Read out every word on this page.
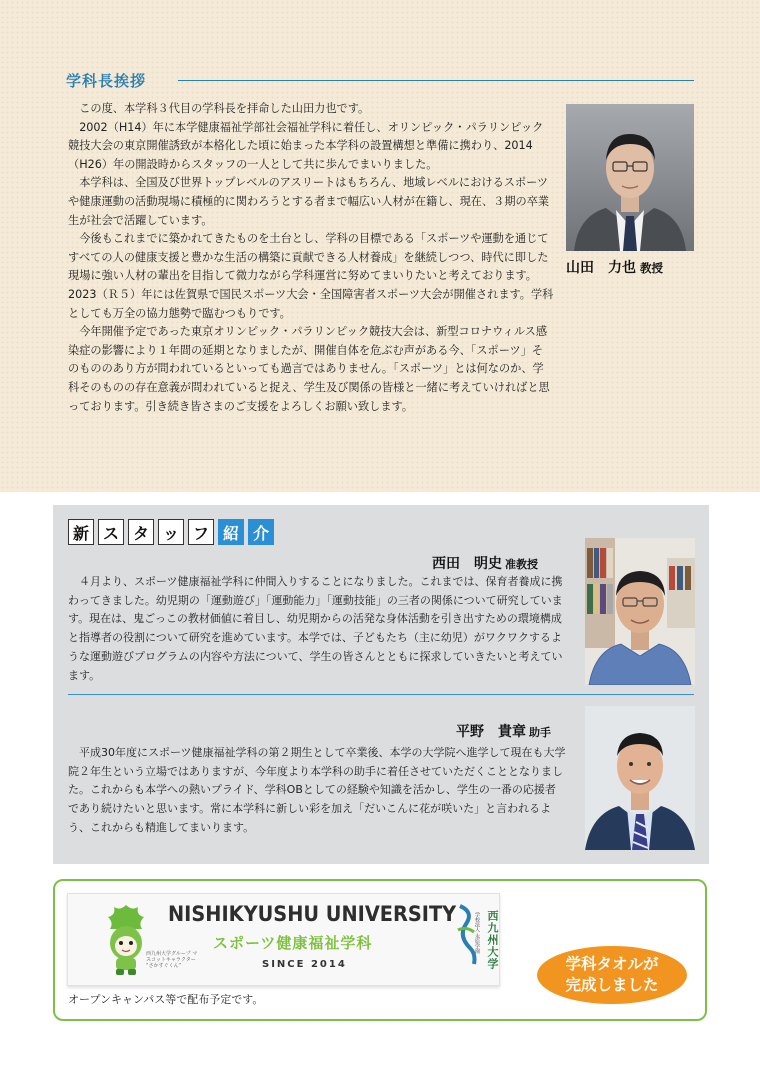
学科長挨拶

この度、本学科３代目の学科長を拝命した山田力也です。

2002（H14）年に本学健康福祉学部社会福祉学科に着任し、オリンピック・パラリンピック競技大会の東京開催誘致が本格化した頃に始まった本学科の設置構想と準備に携わり、2014（H26）年の開設時からスタッフの一人として共に歩んでまいりました。

本学科は、全国及び世界トップレベルのアスリートはもちろん、地域レベルにおけるスポーツや健康運動の活動現場に積極的に関わろうとする者まで幅広い人材が在籍し、現在、３期の卒業生が社会で活躍しています。

今後もこれまでに築かれてきたものを土台とし、学科の目標である「スポーツや運動を通じてすべての人の健康支援と豊かな生活の構築に貢献できる人材養成」を継続しつつ、時代に即した現場に強い人材の輩出を目指して微力ながら学科運営に努めてまいりたいと考えております。2023（Ｒ５）年には佐賀県で国民スポーツ大会・全国障害者スポーツ大会が開催されます。学科としても万全の協力態勢で臨むつもりです。

今年開催予定であった東京オリンピック・パラリンピック競技大会は、新型コロナウィルス感染症の影響により１年間の延期となりましたが、開催自体を危ぶむ声がある今、「スポーツ」そのもののあり方が問われているといっても過言ではありません。「スポーツ」とは何なのか、学科そのものの存在意義が問われていると捉え、学生及び関係の皆様と一緒に考えていければと思っております。引き続き皆さまのご支援をよろしくお願い致します。

山田　力也 教授
新 ス タ ッ フ 紹 介
西田　明史 准教授

４月より、スポーツ健康福祉学科に仲間入りすることになりました。これまでは、保育者養成に携わってきました。幼児期の「運動遊び」「運動能力」「運動技能」の三者の関係について研究しています。現在は、鬼ごっこの教材価値に着目し、幼児期からの活発な身体活動を引き出すための環境構成と指導者の役割について研究を進めています。本学では、子どもたち（主に幼児）がワクワクするような運動遊びプログラムの内容や方法について、学生の皆さんとともに探求していきたいと考えています。

平野　貴章 助手

平成30年度にスポーツ健康福祉学科の第２期生として卒業後、本学の大学院へ進学して現在も大学院２年生という立場ではありますが、今年度より本学科の助手に着任させていただくこととなりました。これからも本学への熱いプライド、学科OBとしての経験や知識を活かし、学生の一番の応援者であり続けたいと思います。常に本学科に新しい彩を加え「だいこんに花が咲いた」と言われるよう、これからも精進してまいります。

西九州大学グループ マスコットキャラクター “さかすぐくん”
NISHIKYUSHU UNIVERSITY
スポーツ健康福祉学科
SINCE 2014
学校法人 永原学園 西九州大学
オープンキャンパス等で配布予定です。
学科タオルが
完成しました
